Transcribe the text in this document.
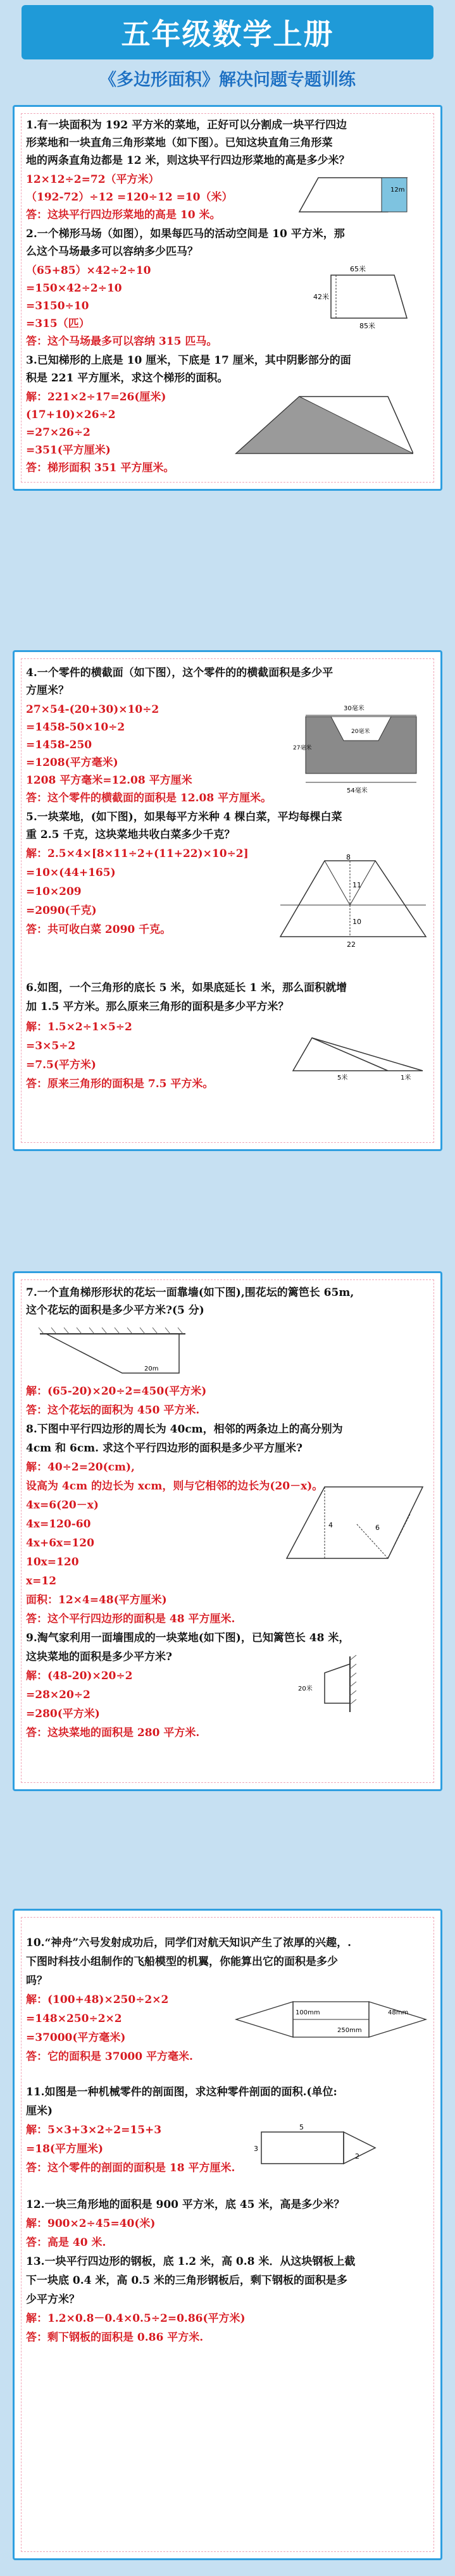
五年级数学上册
《多边形面积》解决问题专题训练
1.有一块面积为 192 平方米的菜地，正好可以分割成一块平行四边
形菜地和一块直角三角形菜地（如下图）。已知这块直角三角形菜
地的两条直角边都是 12 米，则这块平行四边形菜地的高是多少米？
12×12÷2=72（平方米）
（192-72）÷12 =120÷12 =10（米）
答：这块平行四边形菜地的高是 10 米。
2.一个梯形马场（如图），如果每匹马的活动空间是 10 平方米，那
么这个马场最多可以容纳多少匹马？
（65+85）×42÷2÷10
=150×42÷2÷10
=3150÷10
=315（匹）
答：这个马场最多可以容纳 315 匹马。
3.已知梯形的上底是 10 厘米，下底是 17 厘米，其中阴影部分的面
积是 221 平方厘米，求这个梯形的面积。
解：221×2÷17=26(厘米)
(17+10)×26÷2
=27×26÷2
=351(平方厘米)
答：梯形面积 351 平方厘米。
12m
65米
42米
85米
4.一个零件的横截面（如下图），这个零件的的横截面积是多少平
方厘米？
27×54-(20+30)×10÷2
=1458-50×10÷2
=1458-250
=1208(平方毫米)
1208 平方毫米=12.08 平方厘米
答：这个零件的横截面的面积是 12.08 平方厘米。
5.一块菜地，(如下图)，如果每平方米种 4 棵白菜，平均每棵白菜
重 2.5 千克，这块菜地共收白菜多少千克？
解：2.5×4×[8×11÷2+(11+22)×10÷2]
=10×(44+165)
=10×209
=2090(千克)
答：共可收白菜 2090 千克。
6.如图，一个三角形的底长 5 米，如果底延长 1 米，那么面积就增
加 1.5 平方米。那么原来三角形的面积是多少平方米？
解：1.5×2÷1×5÷2
=3×5÷2
=7.5(平方米)
答：原来三角形的面积是 7.5 平方米。
30毫米
20毫米
27毫米
54毫米
8
11
10
22
5米	1米
7.一个直角梯形形状的花坛一面靠墙(如下图),围花坛的篱笆长 65m,
这个花坛的面积是多少平方米?(5 分)
解：(65-20)×20÷2=450(平方米)
答：这个花坛的面积为 450 平方米.
8.下图中平行四边形的周长为 40cm，相邻的两条边上的高分别为
4cm 和 6cm. 求这个平行四边形的面积是多少平方厘米?
解：40÷2=20(cm),
设高为 4cm 的边长为 xcm，则与它相邻的边长为(20－x)。
4x=6(20－x)
4x=120-60
4x+6x=120
10x=120
x=12
面积：12×4=48(平方厘米)
答：这个平行四边形的面积是 48 平方厘米.
9.淘气家利用一面墙围成的一块菜地(如下图)，已知篱笆长 48 米，
这块菜地的面积是多少平方米?
解：(48-20)×20÷2
=28×20÷2
=280(平方米)
答：这块菜地的面积是 280 平方米.
20m
4	6
20米
10.“神舟”六号发射成功后，同学们对航天知识产生了浓厚的兴趣，.
下图时科技小组制作的飞船模型的机翼，你能算出它的面积是多少
吗？
解：(100+48)×250÷2×2
=148×250÷2×2
=37000(平方毫米)
答：它的面积是 37000 平方毫米.
11.如图是一种机械零件的剖面图，求这种零件剖面的面积.(单位:
厘米)
解：5×3+3×2÷2=15+3
=18(平方厘米)
答：这个零件的剖面的面积是 18 平方厘米.
12.一块三角形地的面积是 900 平方米，底 45 米，高是多少米？
解：900×2÷45=40(米)
答：高是 40 米.
13.一块平行四边形的钢板，底 1.2 米，高 0.8 米．从这块钢板上截
下一块底 0.4 米，高 0.5 米的三角形钢板后，剩下钢板的面积是多
少平方米？
解：1.2×0.8－0.4×0.5÷2=0.86(平方米)
答：剩下钢板的面积是 0.86 平方米.
100mm
250mm
48mm
5
3
2
